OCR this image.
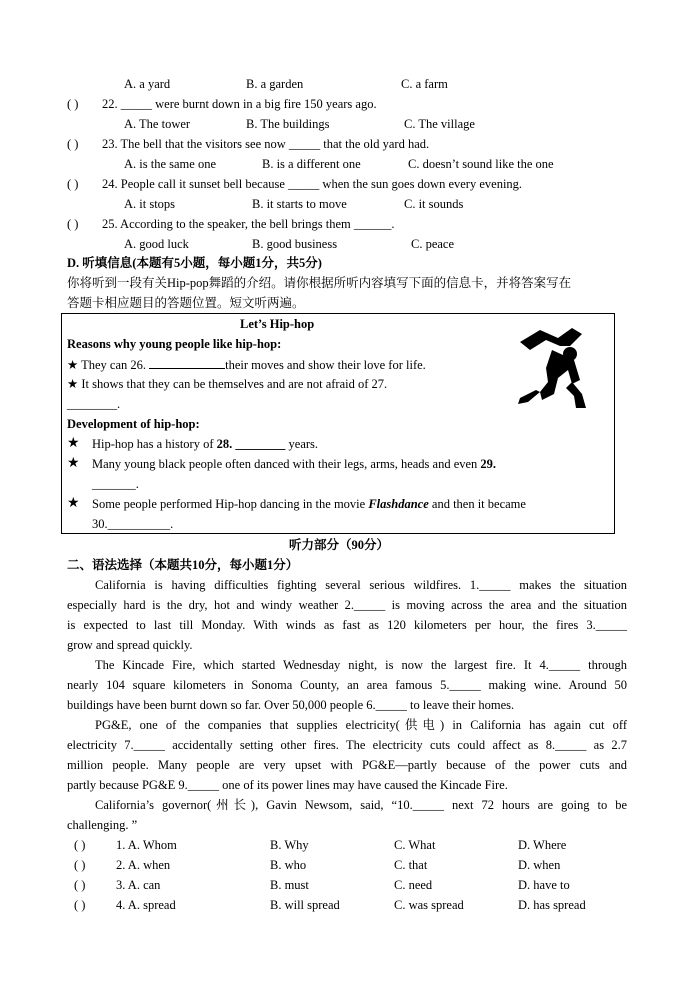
A. a yard	B. a garden	C. a farm
( ) 22. _____ were burnt down in a big fire 150 years ago.
A. The tower	B. The buildings	C. The village
( ) 23. The bell that the visitors see now _____ that the old yard had.
A. is the same one	B. is a different one	C. doesn’t sound like the one
( ) 24. People call it sunset bell because _____ when the sun goes down every evening.
A. it stops	B. it starts to move	C. it sounds
( ) 25. According to the speaker, the bell brings them ______.
A. good luck	B. good business	C. peace
D. 听填信息(本题有5小题，每小题1分，共5分)
你将听到一段有关Hip-pop舞蹈的介绍。请你根据所听内容填写下面的信息卡，并将答案写在
答题卡相应题目的答题位置。短文听两遍。
Let’s Hip-hop
Reasons why young people like hip-hop:
★ They can 26.	their moves and show their love for life.
★ It shows that they can be themselves and are not afraid of 27.
________.
Development of hip-hop:
★ Hip-hop has a history of 28. ________ years.
★ Many young black people often danced with their legs, arms, heads and even 29.
_______.
★ Some people performed Hip-hop dancing in the movie Flashdance and then it became
30.__________.
听力部分（90分）
二、语法选择（本题共10分，每小题1分）
California is having difficulties fighting several serious wildfires. 1._____ makes the situation
especially hard is the dry, hot and windy weather 2._____ is moving across the area and the situation
is expected to last till Monday. With winds as fast as 120 kilometers per hour, the fires 3._____
grow and spread quickly.
The Kincade Fire, which started Wednesday night, is now the largest fire. It 4._____ through
nearly 104 square kilometers in Sonoma County, an area famous 5._____ making wine. Around 50
buildings have been burnt down so far. Over 50,000 people 6._____ to leave their homes.
PG&E, one of the companies that supplies electricity(供电) in California has again cut off
electricity 7._____ accidentally setting other fires. The electricity cuts could affect as 8._____ as 2.7
million people. Many people are very upset with PG&E—partly because of the power cuts and
partly because PG&E 9._____ one of its power lines may have caused the Kincade Fire.
California’s governor(州长), Gavin Newsom, said, “10._____ next 72 hours are going to be
challenging. ”
( ) 1. A. Whom	B. Why	C. What	D. Where
( ) 2. A. when	B. who	C. that	D. when
( ) 3. A. can	B. must	C. need	D. have to
( ) 4. A. spread	B. will spread	C. was spread	D. has spread
